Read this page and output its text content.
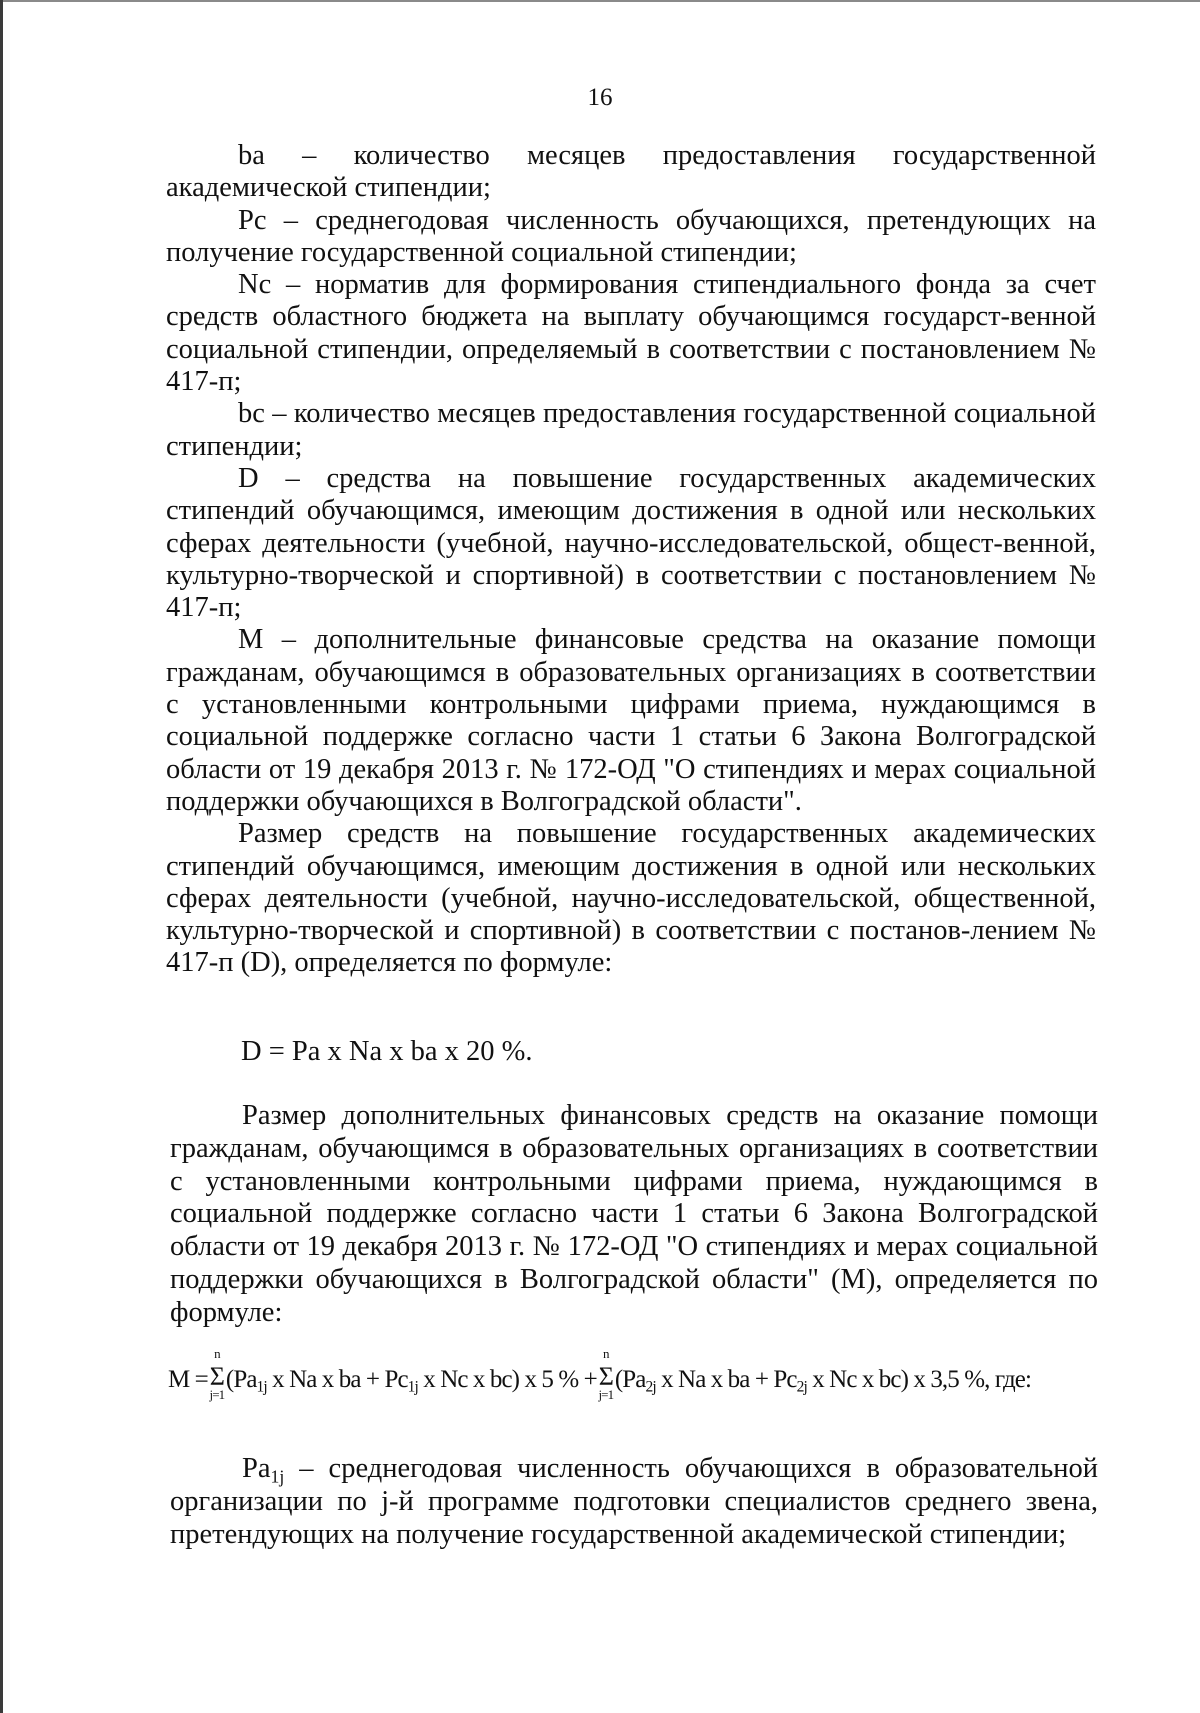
16

ba – количество месяцев предоставления государственной академической стипендии;

Pc – среднегодовая численность обучающихся, претендующих на получение государственной социальной стипендии;

Nc – норматив для формирования стипендиального фонда за счет средств областного бюджета на выплату обучающимся государст-венной социальной стипендии, определяемый в соответствии с постановлением № 417-п;

bc – количество месяцев предоставления государственной социальной стипендии;

D – средства на повышение государственных академических стипендий обучающимся, имеющим достижения в одной или нескольких сферах деятельности (учебной, научно-исследовательской, общест-венной, культурно-творческой и спортивной) в соответствии с постановлением № 417-п;

M – дополнительные финансовые средства на оказание помощи гражданам, обучающимся в образовательных организациях в соответствии с установленными контрольными цифрами приема, нуждающимся в социальной поддержке согласно части 1 статьи 6 Закона Волгоградской области от 19 декабря 2013 г. № 172-ОД "О стипендиях и мерах социальной поддержки обучающихся в Волгоградской области".

Размер средств на повышение государственных академических стипендий обучающимся, имеющим достижения в одной или нескольких сферах деятельности (учебной, научно-исследовательской, общественной, культурно-творческой и спортивной) в соответствии с постанов-лением № 417-п (D), определяется по формуле:

D = Pa x Na x ba x 20 %.

Размер дополнительных финансовых средств на оказание помощи гражданам, обучающимся в образовательных организациях в соответствии с установленными контрольными цифрами приема, нуждающимся в социальной поддержке согласно части 1 статьи 6 Закона Волгоградской области от 19 декабря 2013 г. № 172-ОД "О стипендиях и мерах социальной поддержки обучающихся в Волгоградской области" (М), определяется по формуле:

M =
n
Σ
j=1
($Pa_{1j}$ x Na x ba + $Pc_{1j}$ x Nc x bc) x 5 % +
n
Σ
j=1
($Pa_{2j}$ x Na x ba + $Pc_{2j}$ x Nc x bc) x 3,5 %, где:

$Pa_{1j}$ – среднегодовая численность обучающихся в образовательной организации по j-й программе подготовки специалистов среднего звена, претендующих на получение государственной академической стипендии;
